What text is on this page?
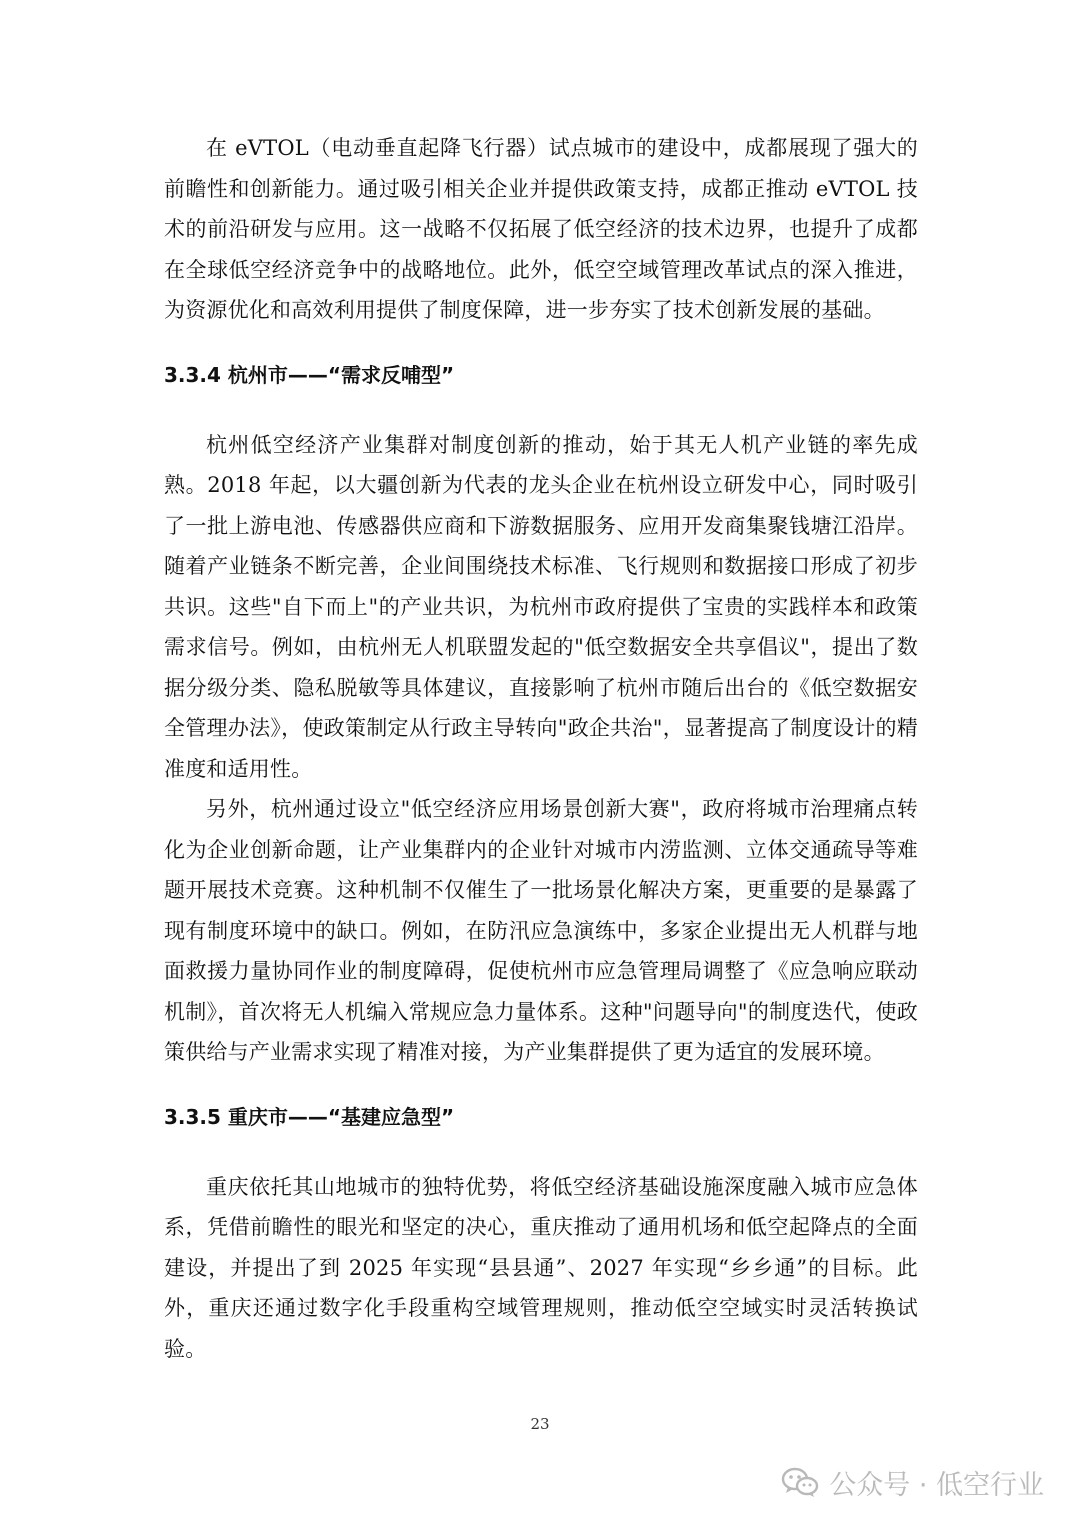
在 eVTOL（电动垂直起降飞行器）试点城市的建设中，成都展现了强大的前瞻性和创新能力。通过吸引相关企业并提供政策支持，成都正推动 eVTOL 技术的前沿研发与应用。这一战略不仅拓展了低空经济的技术边界，也提升了成都在全球低空经济竞争中的战略地位。此外，低空空域管理改革试点的深入推进，为资源优化和高效利用提供了制度保障，进一步夯实了技术创新发展的基础。

3.3.4 杭州市——“需求反哺型”

杭州低空经济产业集群对制度创新的推动，始于其无人机产业链的率先成熟。2018 年起，以大疆创新为代表的龙头企业在杭州设立研发中心，同时吸引了一批上游电池、传感器供应商和下游数据服务、应用开发商集聚钱塘江沿岸。随着产业链条不断完善，企业间围绕技术标准、飞行规则和数据接口形成了初步共识。这些"自下而上"的产业共识，为杭州市政府提供了宝贵的实践样本和政策需求信号。例如，由杭州无人机联盟发起的"低空数据安全共享倡议"，提出了数据分级分类、隐私脱敏等具体建议，直接影响了杭州市随后出台的《低空数据安全管理办法》，使政策制定从行政主导转向"政企共治"，显著提高了制度设计的精准度和适用性。

另外，杭州通过设立"低空经济应用场景创新大赛"，政府将城市治理痛点转化为企业创新命题，让产业集群内的企业针对城市内涝监测、立体交通疏导等难题开展技术竞赛。这种机制不仅催生了一批场景化解决方案，更重要的是暴露了现有制度环境中的缺口。例如，在防汛应急演练中，多家企业提出无人机群与地面救援力量协同作业的制度障碍，促使杭州市应急管理局调整了《应急响应联动机制》，首次将无人机编入常规应急力量体系。这种"问题导向"的制度迭代，使政策供给与产业需求实现了精准对接，为产业集群提供了更为适宜的发展环境。

3.3.5 重庆市——“基建应急型”

重庆依托其山地城市的独特优势，将低空经济基础设施深度融入城市应急体系，凭借前瞻性的眼光和坚定的决心，重庆推动了通用机场和低空起降点的全面建设，并提出了到 2025 年实现“县县通”、2027 年实现“乡乡通”的目标。此外，重庆还通过数字化手段重构空域管理规则，推动低空空域实时灵活转换试验。

23
公众号 · 低空行业
